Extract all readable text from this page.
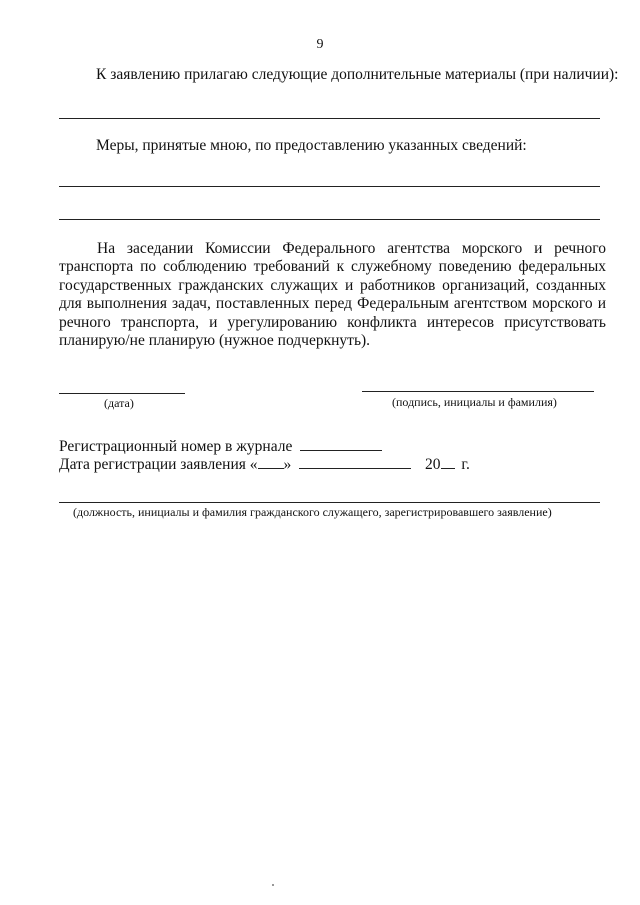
9
К заявлению прилагаю следующие дополнительные материалы (при наличии):
Меры, принятые мною, по предоставлению указанных сведений:
На заседании Комиссии Федерального агентства морского и речного транспорта по соблюдению требований к служебному поведению федеральных государственных гражданских служащих и работников организаций, созданных для выполнения задач, поставленных перед Федеральным агентством морского и речного транспорта, и урегулированию конфликта интересов присутствовать планирую/не планирую (нужное подчеркнуть).
(дата)	(подпись, инициалы и фамилия)
Регистрационный номер в журнале
Дата регистрации заявления « »	20 г.
(должность, инициалы и фамилия гражданского служащего, зарегистрировавшего заявление)
